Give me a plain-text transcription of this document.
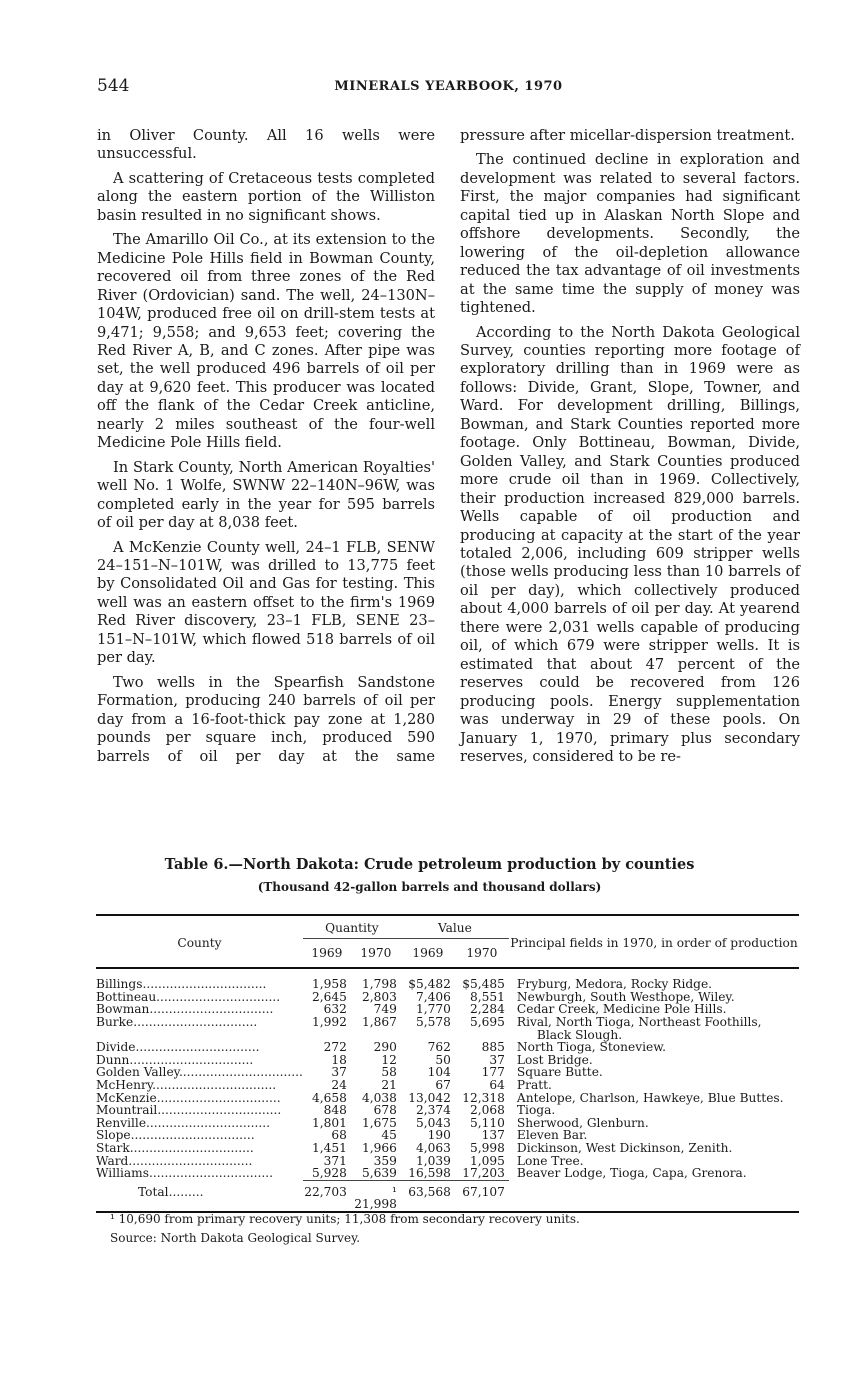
544	MINERALS YEARBOOK, 1970

in Oliver County. All 16 wells were unsuccessful.

A scattering of Cretaceous tests completed along the eastern portion of the Williston basin resulted in no significant shows.

The Amarillo Oil Co., at its extension to the Medicine Pole Hills field in Bowman County, recovered oil from three zones of the Red River (Ordovician) sand. The well, 24–130N–104W, produced free oil on drill-stem tests at 9,471; 9,558; and 9,653 feet; covering the Red River A, B, and C zones. After pipe was set, the well produced 496 barrels of oil per day at 9,620 feet. This producer was located off the flank of the Cedar Creek anticline, nearly 2 miles southeast of the four-well Medicine Pole Hills field.

In Stark County, North American Royalties' well No. 1 Wolfe, SWNW 22–140N–96W, was completed early in the year for 595 barrels of oil per day at 8,038 feet.

A McKenzie County well, 24–1 FLB, SENW 24–151–N–101W, was drilled to 13,775 feet by Consolidated Oil and Gas for testing. This well was an eastern offset to the firm's 1969 Red River discovery, 23–1 FLB, SENE 23–151–N–101W, which flowed 518 barrels of oil per day.

Two wells in the Spearfish Sandstone Formation, producing 240 barrels of oil per day from a 16-foot-thick pay zone at 1,280 pounds per square inch, produced 590 barrels of oil per day at the same

pressure after micellar-dispersion treatment.

The continued decline in exploration and development was related to several factors. First, the major companies had significant capital tied up in Alaskan North Slope and offshore developments. Secondly, the lowering of the oil-depletion allowance reduced the tax advantage of oil investments at the same time the supply of money was tightened.

According to the North Dakota Geological Survey, counties reporting more footage of exploratory drilling than in 1969 were as follows: Divide, Grant, Slope, Towner, and Ward. For development drilling, Billings, Bowman, and Stark Counties reported more footage. Only Bottineau, Bowman, Divide, Golden Valley, and Stark Counties produced more crude oil than in 1969. Collectively, their production increased 829,000 barrels. Wells capable of oil production and producing at capacity at the start of the year totaled 2,006, including 609 stripper wells (those wells producing less than 10 barrels of oil per day), which collectively produced about 4,000 barrels of oil per day. At yearend there were 2,031 wells capable of producing oil, of which 679 were stripper wells. It is estimated that about 47 percent of the reserves could be recovered from 126 producing pools. Energy supplementation was underway in 29 of these pools. On January 1, 1970, primary plus secondary reserves, considered to be re-

Table 6.—North Dakota: Crude petroleum production by counties
(Thousand 42-gallon barrels and thousand dollars)
County	Quantity		Value		Principal fields in 1970, in order of production
	1969	1970	1969	1970	
Billings................................	1,958	1,798	$5,482	$5,485	Fryburg, Medora, Rocky Ridge.

Bottineau................................	2,645	2,803	7,406	8,551	Newburgh, South Westhope, Wiley.

Bowman................................	632	749	1,770	2,284	Cedar Creek, Medicine Pole Hills.

Burke................................	1,992	1,867	5,578	5,695	Rival, North Tioga, Northeast Foothills, Black Slough.

Divide................................	272	290	762	885	North Tioga, Stoneview.

Dunn................................	18	12	50	37	Lost Bridge.

Golden Valley................................	37	58	104	177	Square Butte.

McHenry................................	24	21	67	64	Pratt.

McKenzie................................	4,658	4,038	13,042	12,318	Antelope, Charlson, Hawkeye, Blue Buttes.

Mountrail................................	848	678	2,374	2,068	Tioga.

Renville................................	1,801	1,675	5,043	5,110	Sherwood, Glenburn.

Slope................................	68	45	190	137	Eleven Bar.

Stark................................	1,451	1,966	4,063	5,998	Dickinson, West Dickinson, Zenith.

Ward................................	371	359	1,039	1,095	Lone Tree.

Williams................................	5,928	5,639	16,598	17,203	Beaver Lodge, Tioga, Capa, Grenora.

Total.........	22,703	¹ 21,998	63,568	67,107	
¹ 10,690 from primary recovery units; 11,308 from secondary recovery units.
Source: North Dakota Geological Survey.
